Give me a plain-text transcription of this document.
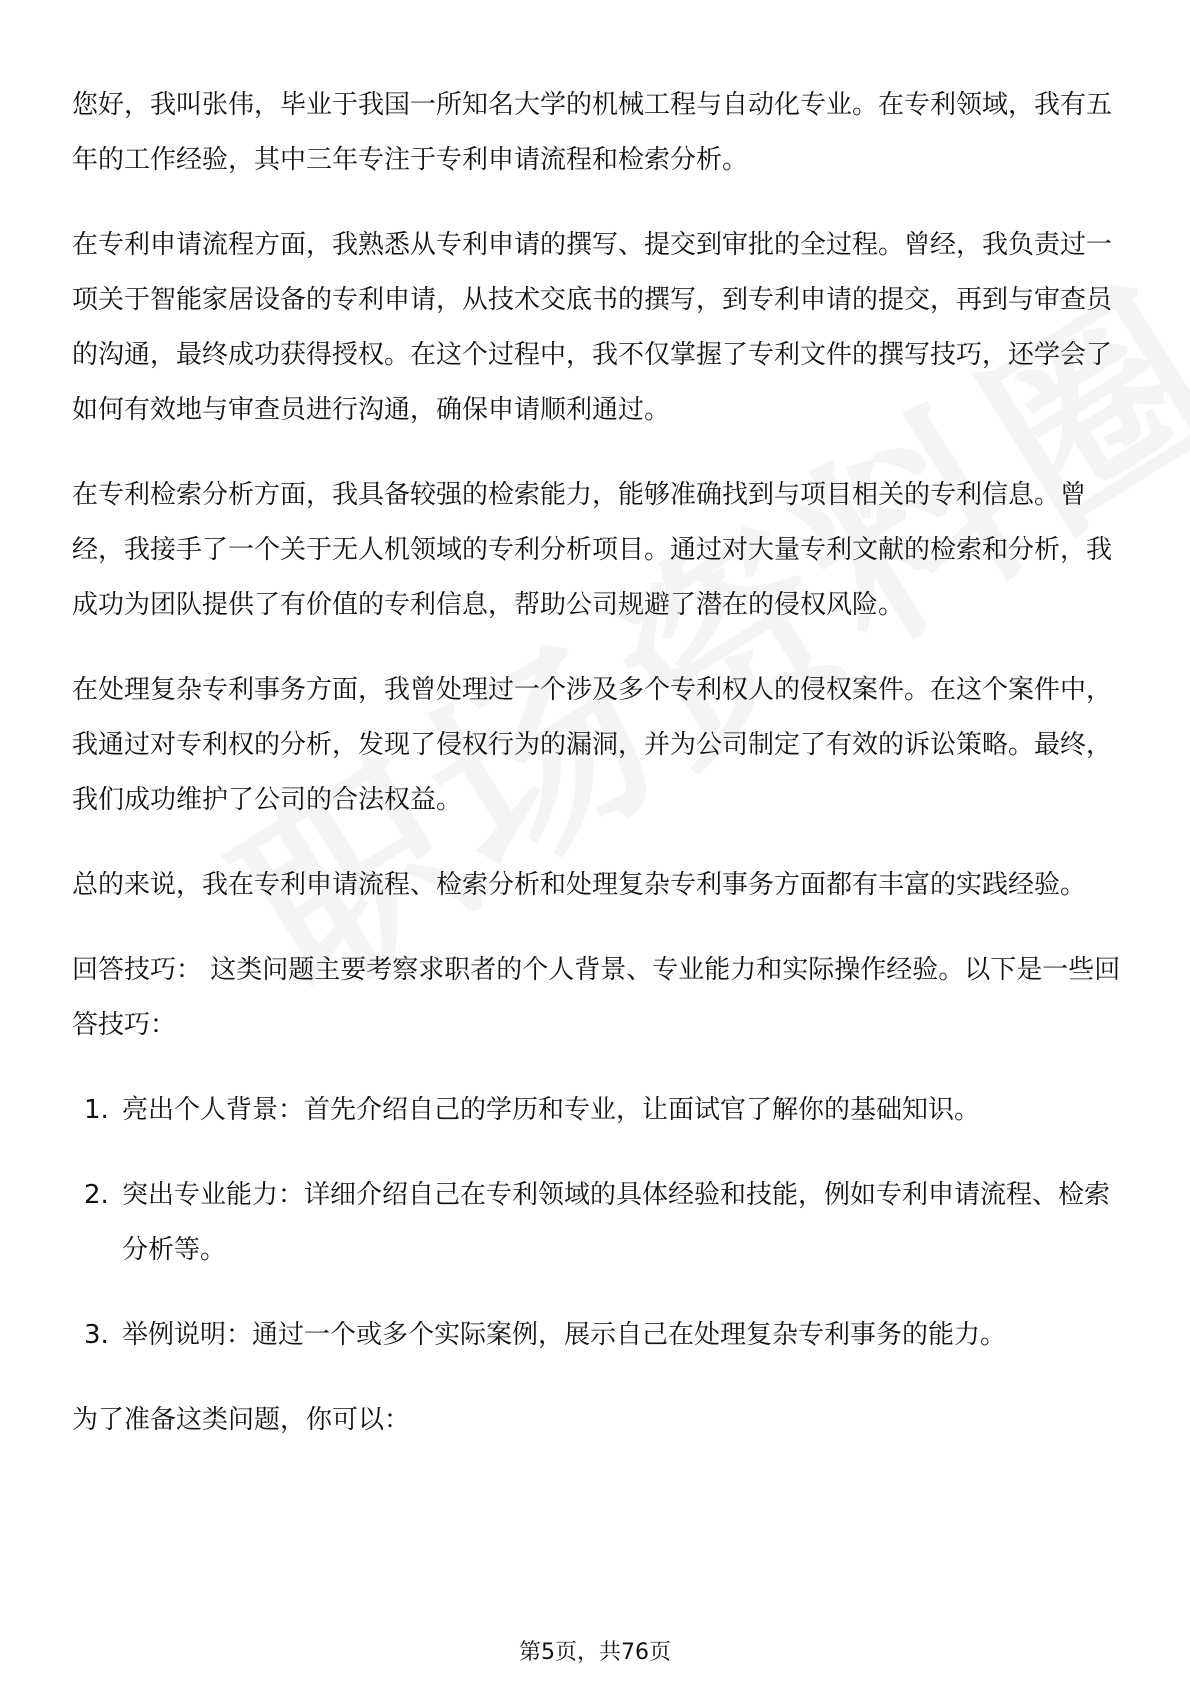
您好，我叫张伟，毕业于我国一所知名大学的机械工程与自动化专业。在专利领域，我有五年的工作经验，其中三年专注于专利申请流程和检索分析。

在专利申请流程方面，我熟悉从专利申请的撰写、提交到审批的全过程。曾经，我负责过一项关于智能家居设备的专利申请，从技术交底书的撰写，到专利申请的提交，再到与审查员的沟通，最终成功获得授权。在这个过程中，我不仅掌握了专利文件的撰写技巧，还学会了如何有效地与审查员进行沟通，确保申请顺利通过。

在专利检索分析方面，我具备较强的检索能力，能够准确找到与项目相关的专利信息。曾经，我接手了一个关于无人机领域的专利分析项目。通过对大量专利文献的检索和分析，我成功为团队提供了有价值的专利信息，帮助公司规避了潜在的侵权风险。

在处理复杂专利事务方面，我曾处理过一个涉及多个专利权人的侵权案件。在这个案件中，我通过对专利权的分析，发现了侵权行为的漏洞，并为公司制定了有效的诉讼策略。最终，我们成功维护了公司的合法权益。

总的来说，我在专利申请流程、检索分析和处理复杂专利事务方面都有丰富的实践经验。

回答技巧： 这类问题主要考察求职者的个人背景、专业能力和实际操作经验。以下是一些回答技巧：

1. 亮出个人背景：首先介绍自己的学历和专业，让面试官了解你的基础知识。
2. 突出专业能力：详细介绍自己在专利领域的具体经验和技能，例如专利申请流程、检索分析等。
3. 举例说明：通过一个或多个实际案例，展示自己在处理复杂专利事务的能力。

为了准备这类问题，你可以：

第5页，共76页
